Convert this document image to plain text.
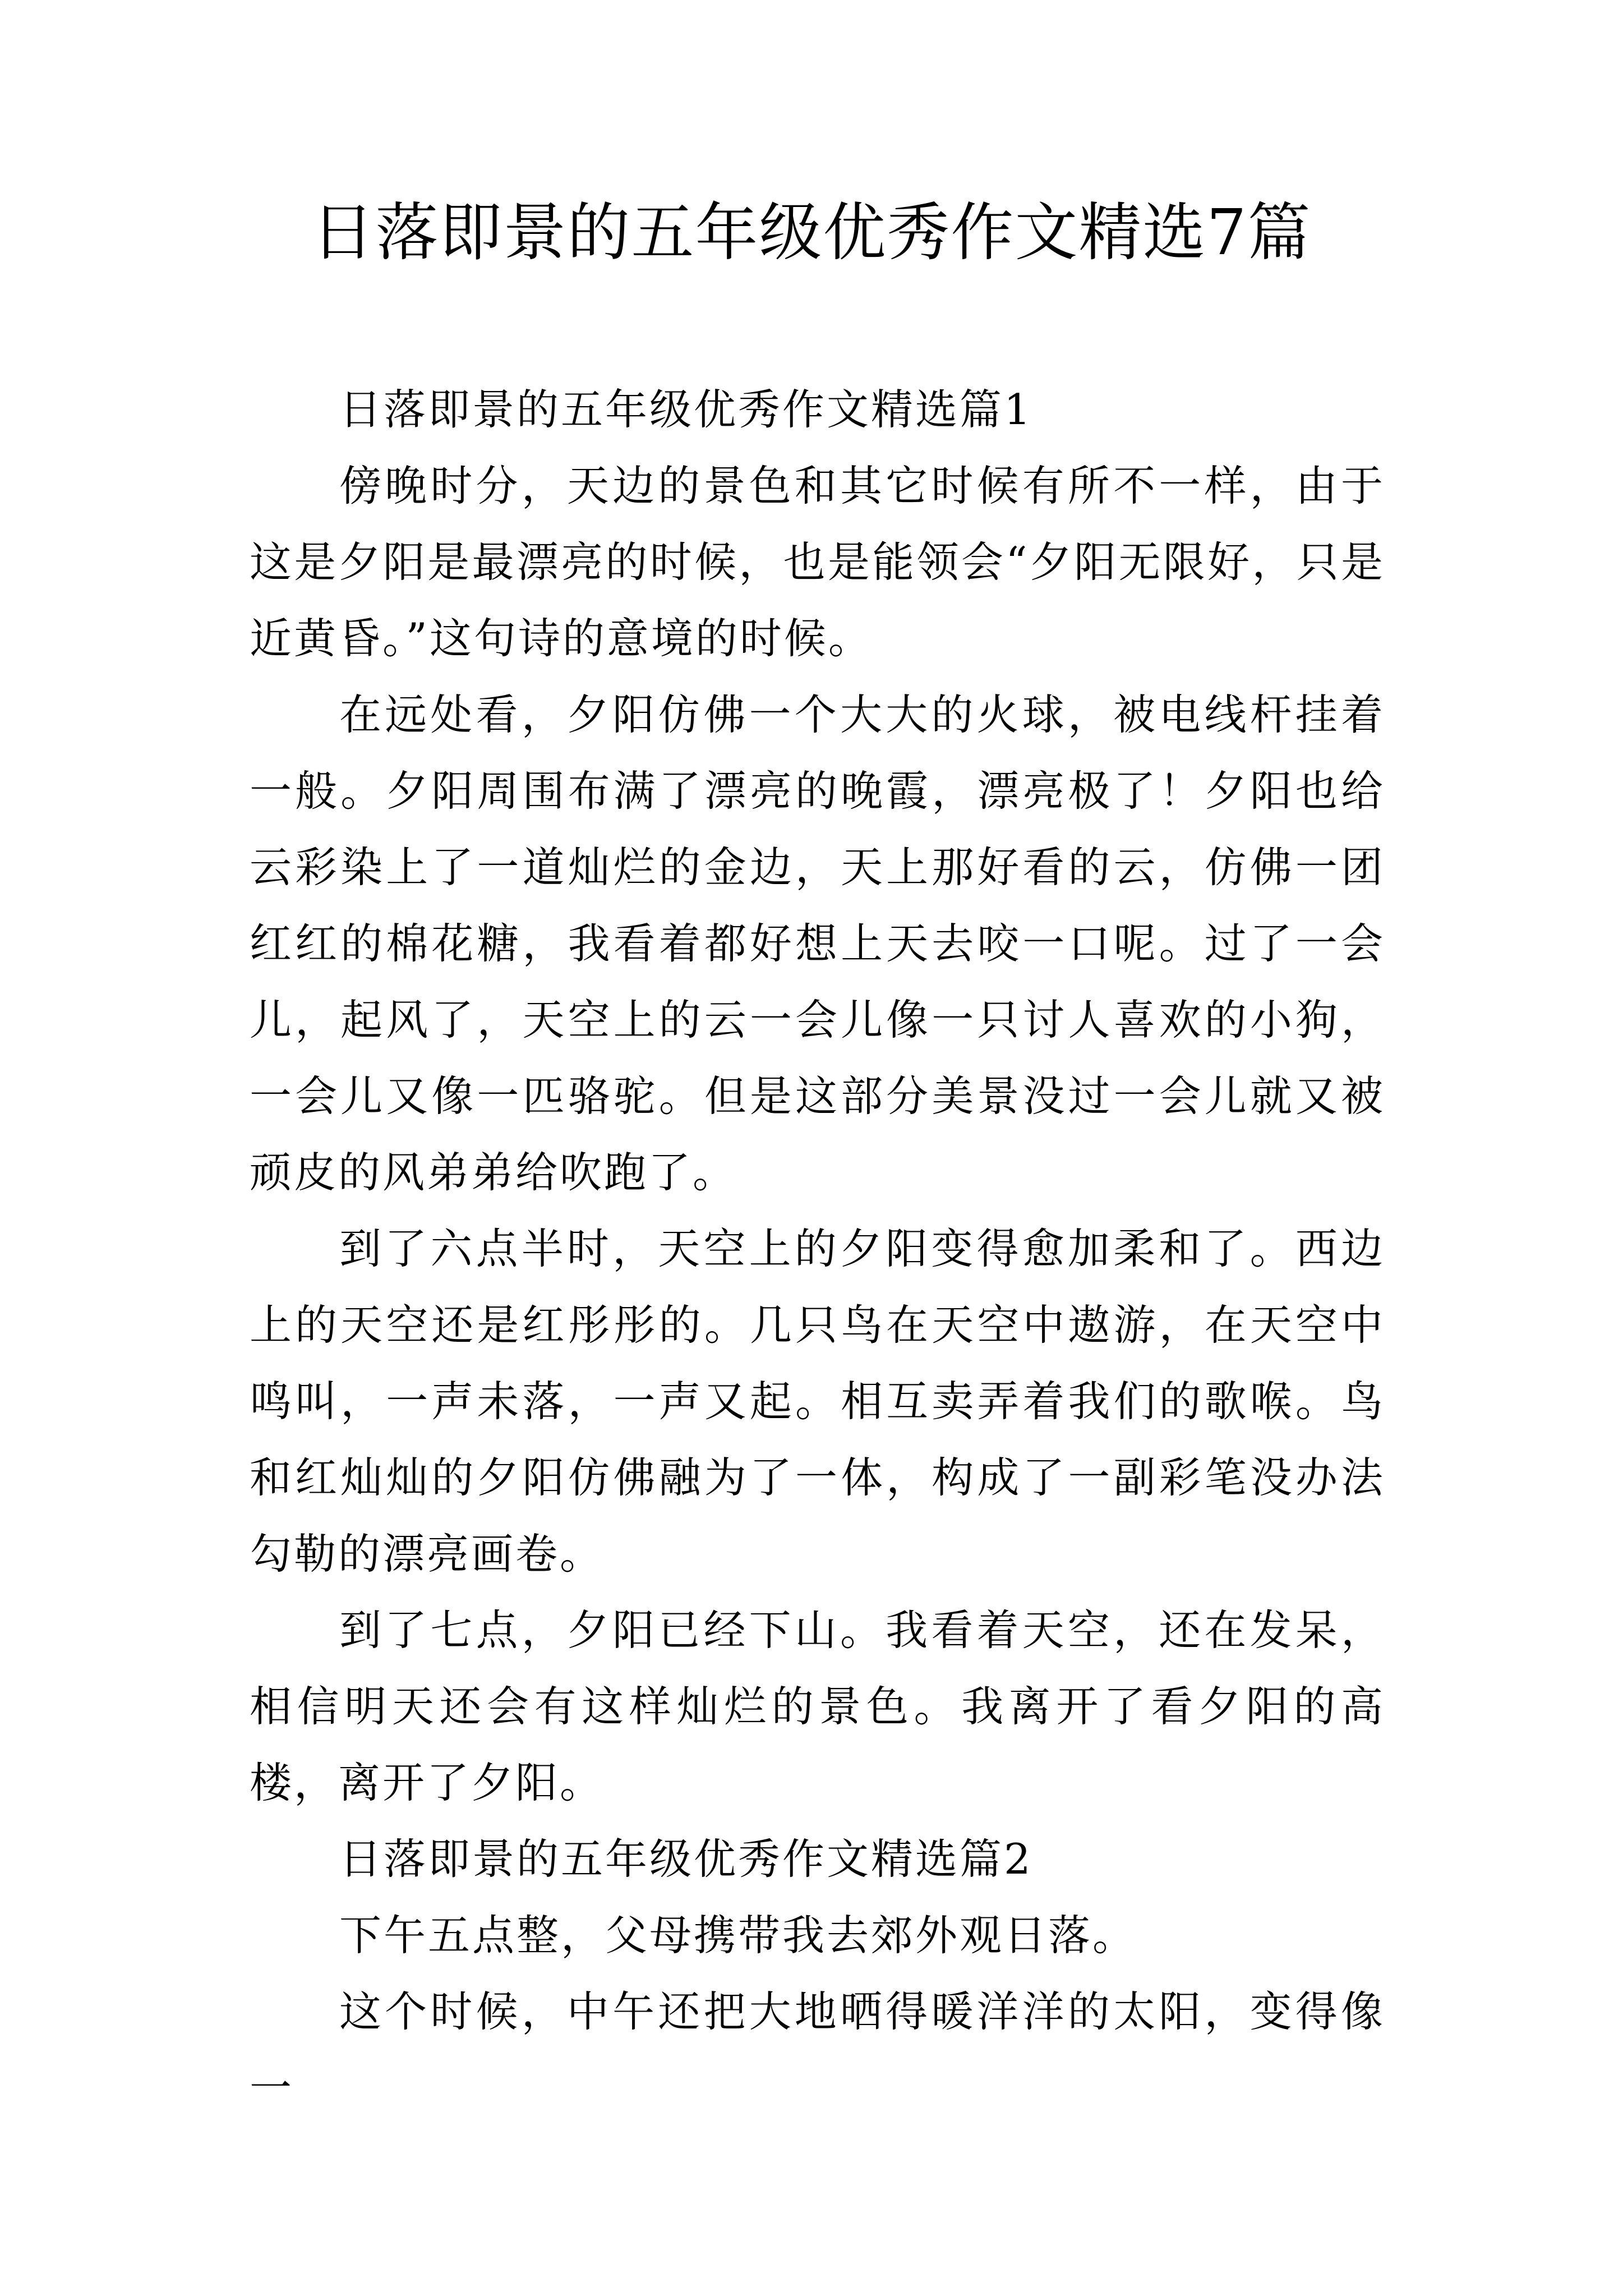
日落即景的五年级优秀作文精选7篇

日落即景的五年级优秀作文精选篇1

傍晚时分，天边的景色和其它时候有所不一样，由于这是夕阳是最漂亮的时候，也是能领会“夕阳无限好，只是近黄昏。”这句诗的意境的时候。

在远处看，夕阳仿佛一个大大的火球，被电线杆挂着一般。夕阳周围布满了漂亮的晚霞，漂亮极了！夕阳也给云彩染上了一道灿烂的金边，天上那好看的云，仿佛一团红红的棉花糖，我看着都好想上天去咬一口呢。过了一会儿，起风了，天空上的云一会儿像一只讨人喜欢的小狗，一会儿又像一匹骆驼。但是这部分美景没过一会儿就又被顽皮的风弟弟给吹跑了。

到了六点半时，天空上的夕阳变得愈加柔和了。西边上的天空还是红彤彤的。几只鸟在天空中遨游，在天空中鸣叫，一声未落，一声又起。相互卖弄着我们的歌喉。鸟和红灿灿的夕阳仿佛融为了一体，构成了一副彩笔没办法勾勒的漂亮画卷。

到了七点，夕阳已经下山。我看着天空，还在发呆，相信明天还会有这样灿烂的景色。我离开了看夕阳的高楼，离开了夕阳。

日落即景的五年级优秀作文精选篇2

下午五点整，父母携带我去郊外观日落。

这个时候，中午还把大地晒得暖洋洋的太阳，变得像一
